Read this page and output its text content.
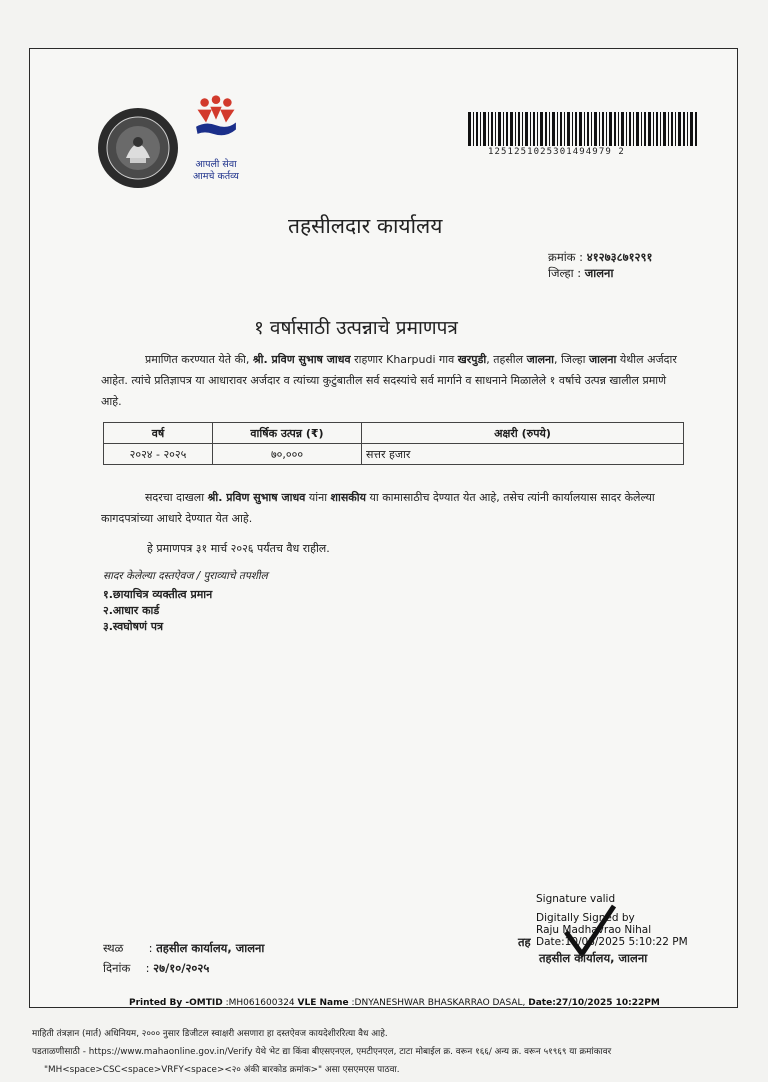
आपली सेवा
आमचे कर्तव्य
1251251025301494979 2
तहसीलदार कार्यालय
क्रमांक : ४१२७३८७१२९१
जिल्हा : जालना
१ वर्षासाठी उत्पन्नाचे प्रमाणपत्र
प्रमाणित करण्यात येते की, श्री. प्रविण सुभाष जाधव राहणार Kharpudi गाव खरपुडी, तहसील जालना, जिल्हा जालना येथील अर्जदार आहेत. त्यांचे प्रतिज्ञापत्र या आधारावर अर्जदार व त्यांच्या कुटुंबातील सर्व सदस्यांचे सर्व मार्गाने व साधनाने मिळालेले १ वर्षाचे उत्पन्न खालील प्रमाणे आहे.
वर्ष	वार्षिक उत्पन्न (₹)	अक्षरी (रुपये)
२०२४ - २०२५	७०,०००	सत्तर हजार
सदरचा दाखला श्री. प्रविण सुभाष जाधव यांना शासकीय या कामासाठीच देण्यात येत आहे, तसेच त्यांनी कार्यालयास सादर केलेल्या कागदपत्रांच्या आधारे देण्यात येत आहे.
हे प्रमाणपत्र ३१ मार्च २०२६ पर्यंतच वैध राहील.
सादर केलेल्या दस्तऐवज / पुराव्याचे तपशील
१.छायाचित्र व्यक्तीत्व प्रमान
२.आधार कार्ड
३.स्वघोषणं पत्र
Signature valid
Digitally Signed by
Raju Madhavrao Nihal
Date:10/08/2025 5:10:22 PM
तह
तहसील कार्यालय, जालना
स्थळ : तहसील कार्यालय, जालना
दिनांक : २७/१०/२०२५
Printed By -OMTID :MH061600324 VLE Name :DNYANESHWAR BHASKARRAO DASAL, Date:27/10/2025 10:22PM
माहिती तंत्रज्ञान (मार्त) अधिनियम, २००० नुसार डिजीटल स्वाक्षरी असणारा हा दस्तऐवज कायदेशीररित्या वैध आहे.
पडताळणीसाठी - https://www.mahaonline.gov.in/Verify येथे भेट द्या किंवा बीएसएनएल, एमटीएनएल, टाटा मोबाईल क्र. वरून १६६/ अन्य क्र. वरून ५१९६९ या क्रमांकावर
"MH<space>CSC<space>VRFY<space><२० अंकी बारकोड क्रमांक>" असा एसएमएस पाठवा.
